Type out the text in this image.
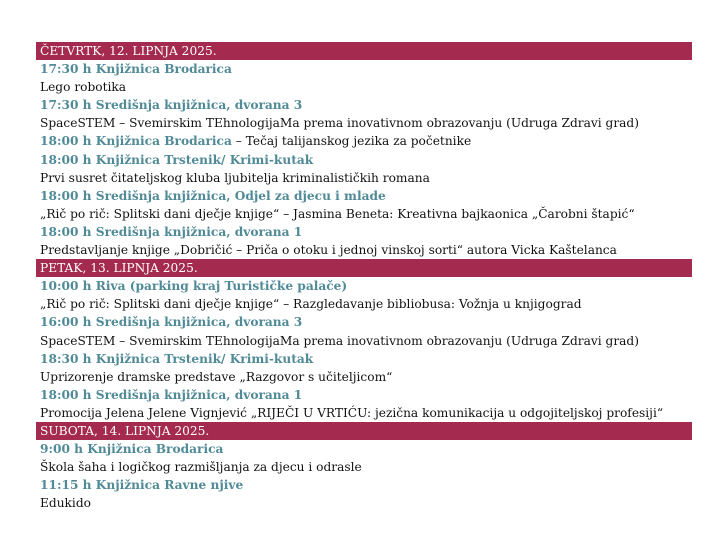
ČETVRTK, 12. LIPNJA 2025.
17:30 h Knjižnica Brodarica
Lego robotika
17:30 h Središnja knjižnica, dvorana 3
SpaceSTEM – Svemirskim TEhnologijaMa prema inovativnom obrazovanju (Udruga Zdravi grad)
18:00 h Knjižnica Brodarica – Tečaj talijanskog jezika za početnike
18:00 h Knjižnica Trstenik/ Krimi-kutak
Prvi susret čitateljskog kluba ljubitelja kriminalističkih romana
18:00 h Središnja knjižnica, Odjel za djecu i mlade
„Rič po rič: Splitski dani dječje knjige“ – Jasmina Beneta: Kreativna bajkaonica „Čarobni štapić“
18:00 h Središnja knjižnica, dvorana 1
Predstavljanje knjige „Dobričić – Priča o otoku i jednoj vinskoj sorti“ autora Vicka Kaštelanca
PETAK, 13. LIPNJA 2025.
10:00 h Riva (parking kraj Turističke palače)
„Rič po rič: Splitski dani dječje knjige“ – Razgledavanje bibliobusa: Vožnja u knjigograd
16:00 h Središnja knjižnica, dvorana 3
SpaceSTEM – Svemirskim TEhnologijaMa prema inovativnom obrazovanju (Udruga Zdravi grad)
18:30 h Knjižnica Trstenik/ Krimi-kutak
Uprizorenje dramske predstave „Razgovor s učiteljicom“
18:00 h Središnja knjižnica, dvorana 1
Promocija Jelena Jelene Vignjević „RIJEČI U VRTIĆU: jezična komunikacija u odgojiteljskoj profesiji“
SUBOTA, 14. LIPNJA 2025.
9:00 h Knjižnica Brodarica
Škola šaha i logičkog razmišljanja za djecu i odrasle
11:15 h Knjižnica Ravne njive
Edukido
